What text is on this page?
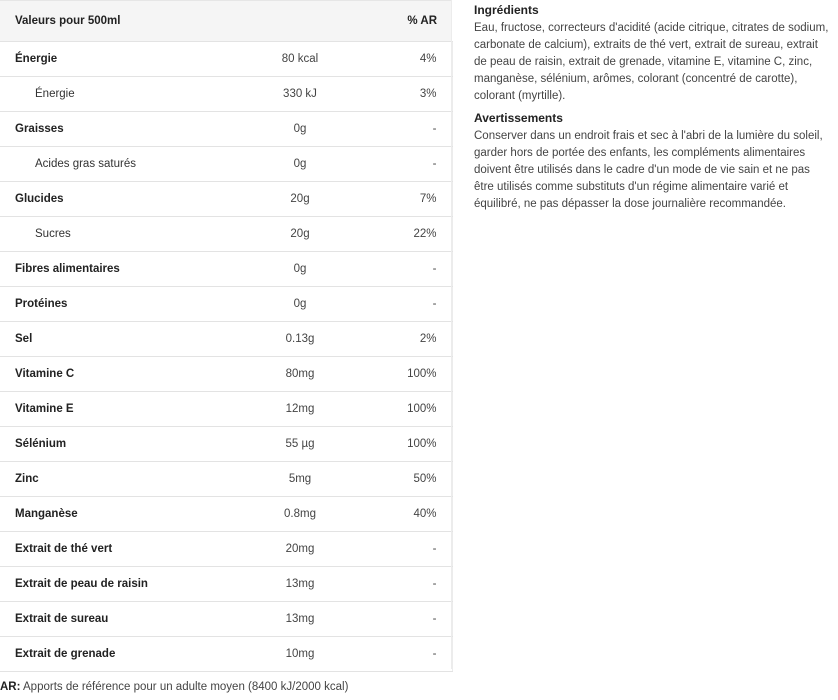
Valeurs pour 500ml		% AR
Énergie	80 kcal	4%
Énergie	330 kJ	3%
Graisses	0g	-
Acides gras saturés	0g	-
Glucides	20g	7%
Sucres	20g	22%
Fibres alimentaires	0g	-
Protéines	0g	-
Sel	0.13g	2%
Vitamine C	80mg	100%
Vitamine E	12mg	100%
Sélénium	55 µg	100%
Zinc	5mg	50%
Manganèse	0.8mg	40%
Extrait de thé vert	20mg	-
Extrait de peau de raisin	13mg	-
Extrait de sureau	13mg	-
Extrait de grenade	10mg	-
AR: Apports de référence pour un adulte moyen (8400 kJ/2000 kcal)
Ingrédients

Eau, fructose, correcteurs d'acidité (acide citrique, citrates de sodium, carbonate de calcium), extraits de thé vert, extrait de sureau, extrait de peau de raisin, extrait de grenade, vitamine E, vitamine C, zinc, manganèse, sélénium, arômes, colorant (concentré de carotte), colorant (myrtille).

Avertissements

Conserver dans un endroit frais et sec à l'abri de la lumière du soleil, garder hors de portée des enfants, les compléments alimentaires doivent être utilisés dans le cadre d'un mode de vie sain et ne pas être utilisés comme substituts d'un régime alimentaire varié et équilibré, ne pas dépasser la dose journalière recommandée.
